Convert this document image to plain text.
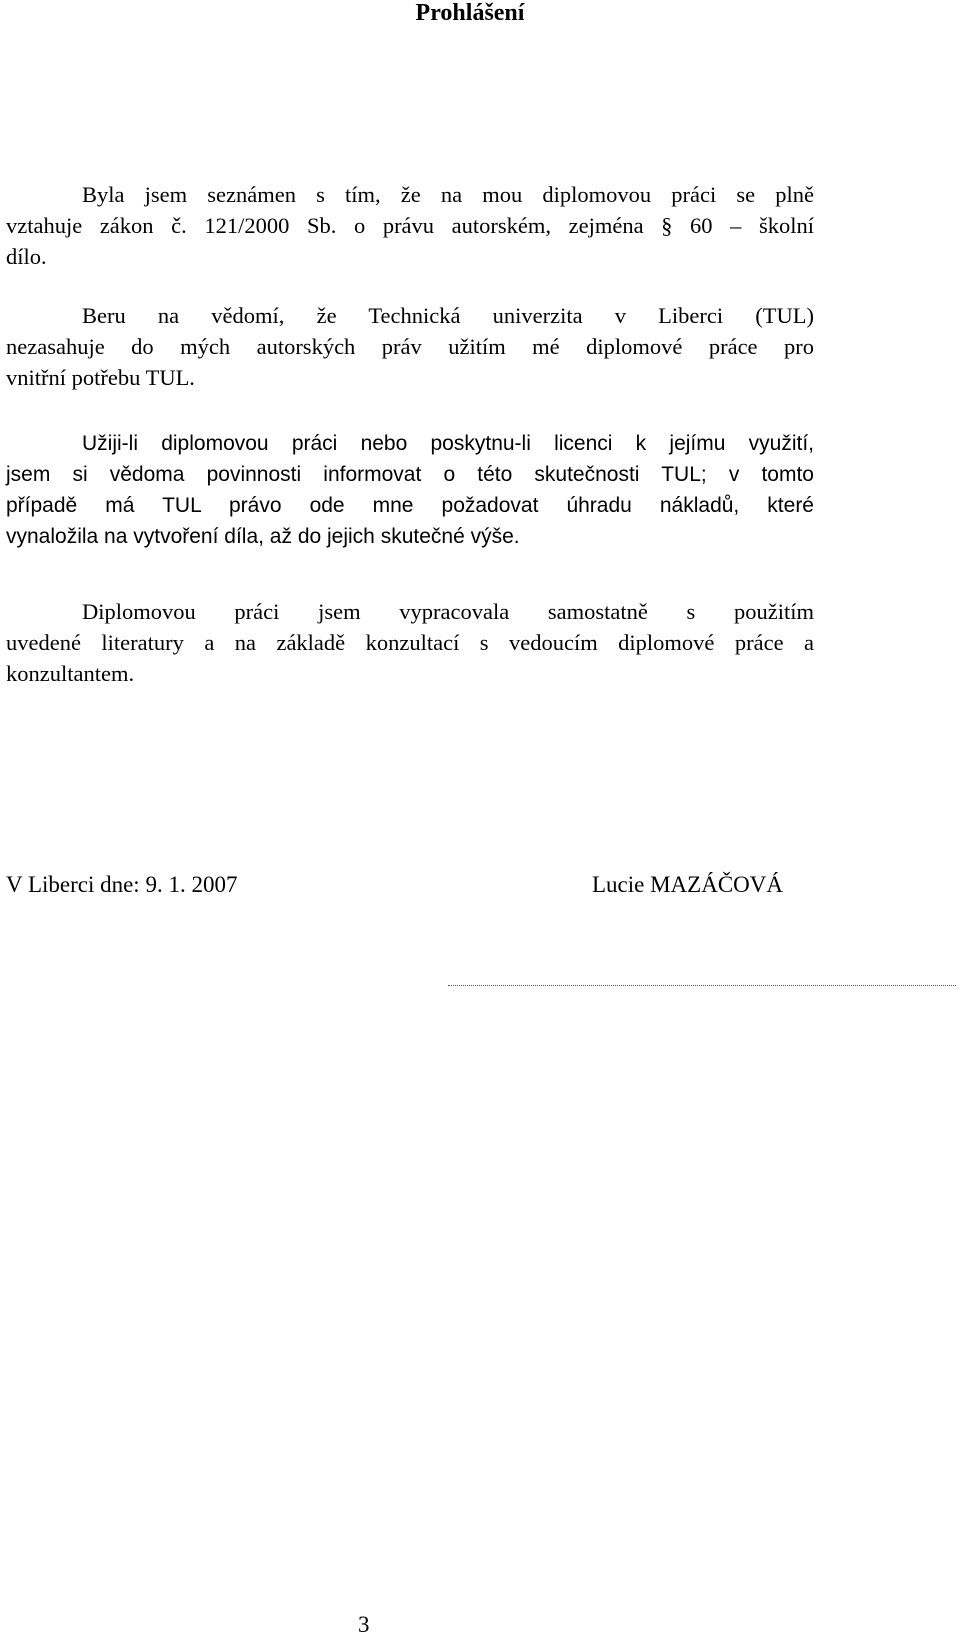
Prohlášení

Byla jsem seznámen s tím, že na mou diplomovou práci se plně
vztahuje zákon č. 121/2000 Sb. o právu autorském, zejména § 60 – školní
dílo.

Beru na vědomí, že Technická univerzita v Liberci (TUL)
nezasahuje do mých autorských práv užitím mé diplomové práce pro
vnitřní potřebu TUL.

Užiji-li diplomovou práci nebo poskytnu-li licenci k jejímu využití,
jsem si vědoma povinnosti informovat o této skutečnosti TUL; v tomto
případě má TUL právo ode mne požadovat úhradu nákladů, které
vynaložila na vytvoření díla, až do jejich skutečné výše.

Diplomovou práci jsem vypracovala samostatně s použitím
uvedené literatury a na základě konzultací s vedoucím diplomové práce a
konzultantem.

V Liberci dne: 9. 1. 2007	Lucie MAZÁČOVÁ

3
